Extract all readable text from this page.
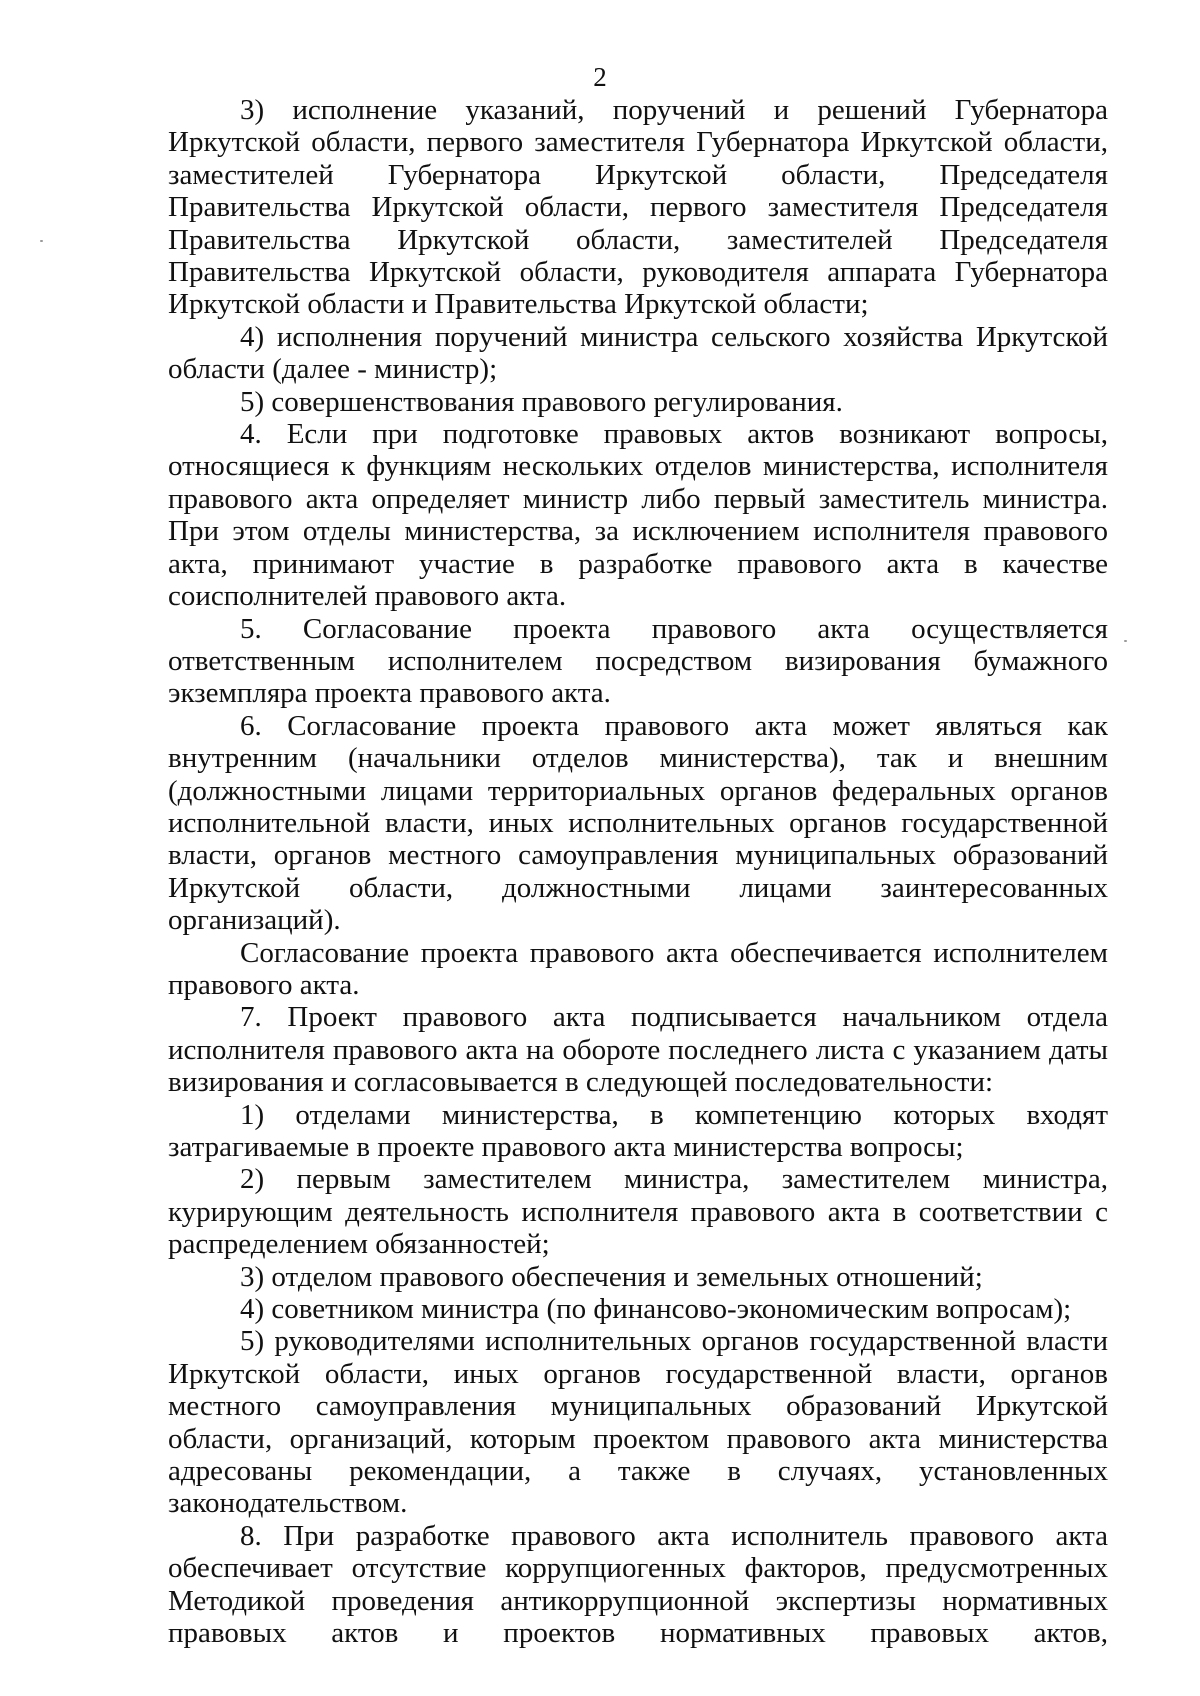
2

3) исполнение указаний, поручений и решений Губернатора Иркутской области, первого заместителя Губернатора Иркутской области, заместителей Губернатора Иркутской области, Председателя Правительства Иркутской области, первого заместителя Председателя Правительства Иркутской области, заместителей Председателя Правительства Иркутской области, руководителя аппарата Губернатора Иркутской области и Правительства Иркутской области;

4) исполнения поручений министра сельского хозяйства Иркутской области (далее - министр);

5) совершенствования правового регулирования.

4. Если при подготовке правовых актов возникают вопросы, относящиеся к функциям нескольких отделов министерства, исполнителя правового акта определяет министр либо первый заместитель министра. При этом отделы министерства, за исключением исполнителя правового акта, принимают участие в разработке правового акта в качестве соисполнителей правового акта.

5. Согласование проекта правового акта осуществляется ответственным исполнителем посредством визирования бумажного экземпляра проекта правового акта.

6. Согласование проекта правового акта может являться как внутренним (начальники отделов министерства), так и внешним (должностными лицами территориальных органов федеральных органов исполнительной власти, иных исполнительных органов государственной власти, органов местного самоуправления муниципальных образований Иркутской области, должностными лицами заинтересованных организаций).

Согласование проекта правового акта обеспечивается исполнителем правового акта.

7. Проект правового акта подписывается начальником отдела исполнителя правового акта на обороте последнего листа с указанием даты визирования и согласовывается в следующей последовательности:

1) отделами министерства, в компетенцию которых входят затрагиваемые в проекте правового акта министерства вопросы;

2) первым заместителем министра, заместителем министра, курирующим деятельность исполнителя правового акта в соответствии с распределением обязанностей;

3) отделом правового обеспечения и земельных отношений;

4) советником министра (по финансово-экономическим вопросам);

5) руководителями исполнительных органов государственной власти Иркутской области, иных органов государственной власти, органов местного самоуправления муниципальных образований Иркутской области, организаций, которым проектом правового акта министерства адресованы рекомендации, а также в случаях, установленных законодательством.

8. При разработке правового акта исполнитель правового акта обеспечивает отсутствие коррупциогенных факторов, предусмотренных Методикой проведения антикоррупционной экспертизы нормативных правовых актов и проектов нормативных правовых актов,
